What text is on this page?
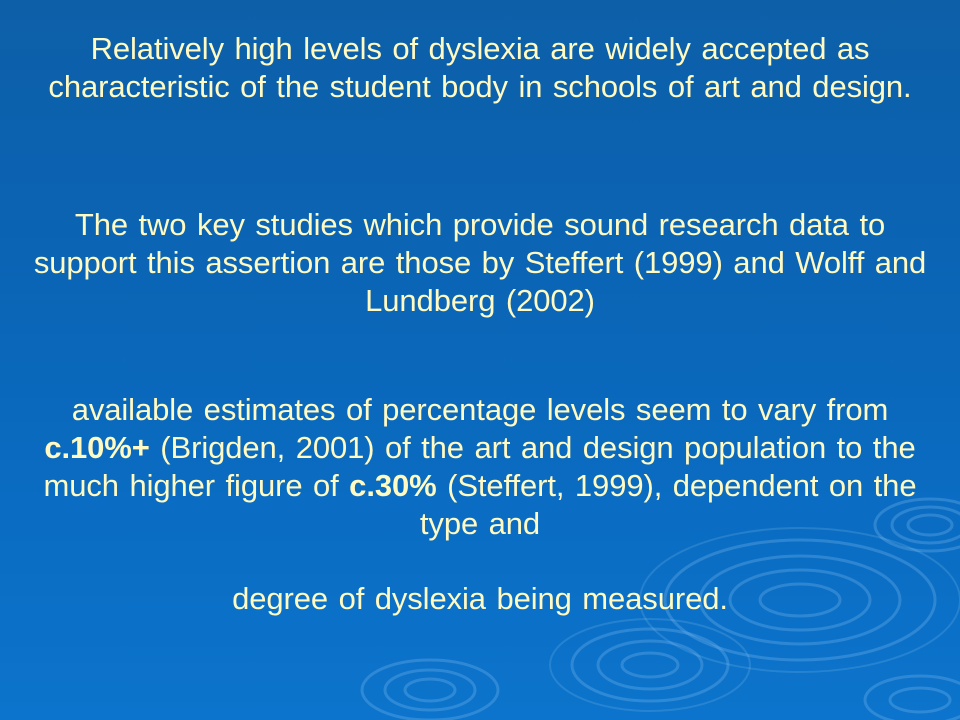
Relatively high levels of dyslexia are widely accepted as characteristic of the student body in schools of art and design.
The two key studies which provide sound research data to support this assertion are those by Steffert (1999) and Wolff and Lundberg (2002)
available estimates of percentage levels seem to vary from c.10%+ (Brigden, 2001) of the art and design population to the much higher figure of c.30% (Steffert, 1999), dependent on the type and
degree of dyslexia being measured.
